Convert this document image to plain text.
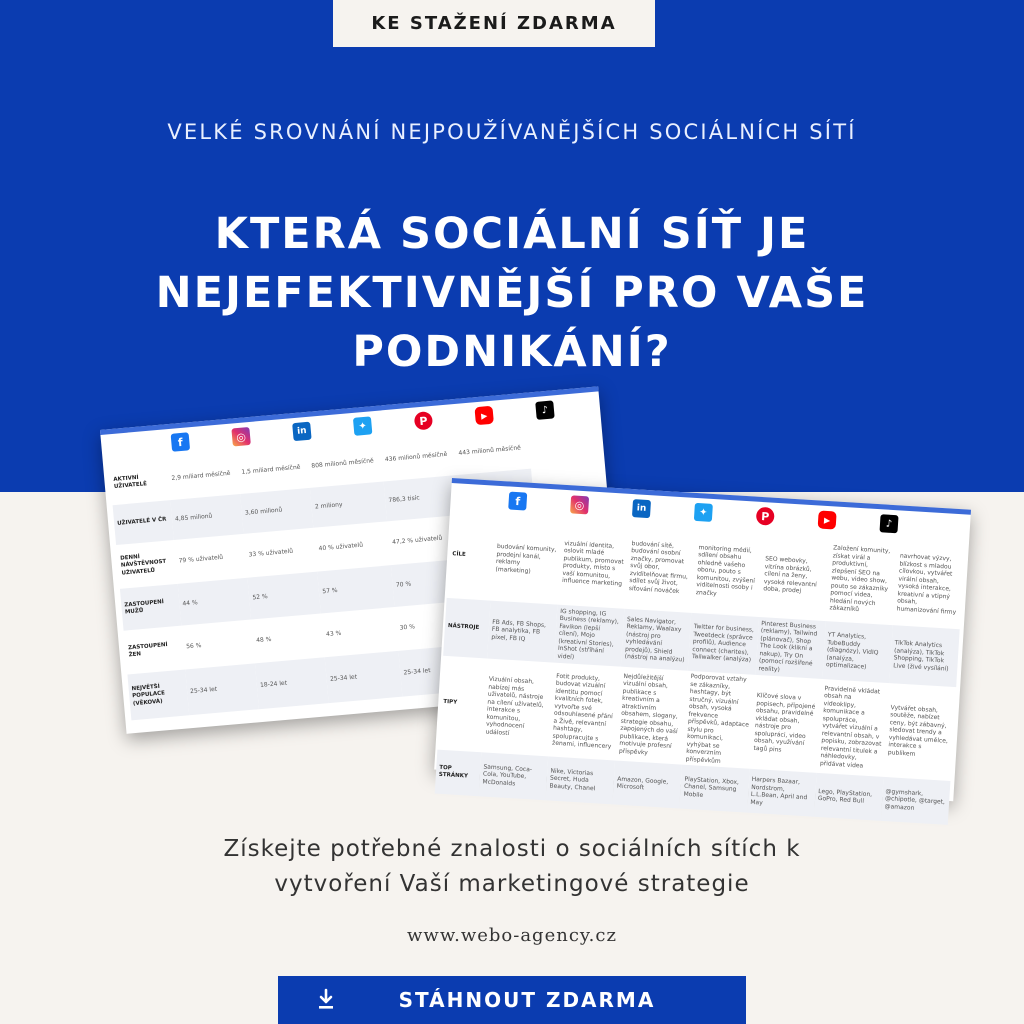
KE STAŽENÍ ZDARMA
VELKÉ SROVNÁNÍ NEJPOUŽÍVANĚJŠÍCH SOCIÁLNÍCH SÍTÍ
KTERÁ SOCIÁLNÍ SÍŤ JE
NEJEFEKTIVNĚJŠÍ PRO VAŠE
PODNIKÁNÍ?
f	◎	in	✦	P	▶	♪
AKTIVNÍ UŽIVATELÉ	2,9 miliard měsíčně	1,5 miliard měsíčně	808 milionů měsíčně	436 milionů měsíčně	443 milionů měsíčně
UŽIVATELÉ V ČR	4,85 milionů	3,60 milionů	2 miliony	786,3 tisíc	
DENNÍ NÁVŠTĚVNOST UŽIVATELŮ	79 % uživatelů	33 % uživatelů	40 % uživatelů	47,2 % uživatelů	
ZASTOUPENÍ MUŽŮ	44 %	52 %	57 %	70 %	
ZASTOUPENÍ ŽEN	56 %	48 %	43 %	30 %	
NEJVĚTŠÍ POPULACE (VĚKOVÁ)	25-34 let	18-24 let	25-34 let	25-34 let	
f	◎	in	✦	P	▶	♪
CÍLE	budování komunity, prodejní kanál, reklamy (marketing)	vizuální identita, oslovit mladé publikum, promovat produkty, místo s vaší komunitou, influence marketing	budování sítě, budování osobní značky, promovat svůj obor, zviditelňovat firmu, sdílet svůj život, síťování nováček	monitoring médií, sdílení obsahu ohledně vašeho oboru, pouto s komunitou, zvýšení viditelnosti osoby i značky	SEO webovky, vitrína obrázků, cílení na ženy, vysoká relevantní doba, prodej	Založení komunity, získat virál a produktivní, zlepšení SEO na webu, video show, pouto se zákazníky pomocí videa, hledání nových zákazníků	navrhovat výzvy, blízkost s mladou cílovkou, vytvářet virální obsah, vysoká interakce, kreativní a vtipný obsah, humanizování firmy
NÁSTROJE	FB Ads, FB Shops, FB analytika, FB pixel, FB IQ	IG shopping, IG Business (reklamy), Favikon (lepší cílení), Mojo (kreativní Stories), InShot (stříhání videí)	Sales Navigator, Reklamy, Waalaxy (nástroj pro vyhledávání prodejů), Shield (nástroj na analýzu)	Twitter for business, Tweetdeck (správce profilů), Audience connect (charites), Tailwalker (analýza)	Pinterest Business (reklamy), Tailwind (plánovač), Shop The Look (klikni a nakup), Try On (pomocí rozšířené reality)	YT Analytics, TubeBuddy (diagnózy), VidIQ (analýza, optimalizace)	TikTok Analytics (analýza), TikTok Shopping, TikTok Live (živé vysílání)
TIPY	Vizuální obsah, nabízej más uživatelů, nástroje na cílení uživatelů, interakce s komunitou, vyhodnocení událostí	Fotit produkty, budovat vizuální identitu pomocí kvalitních fotek, vytvořte své odsouhlasené přání a Živě, relevantní hashtagy, spolupracujte s ženami, influencery	Nejdůležitější vizuální obsah, publikace s kreativním a atraktivním obsahem, slogany, strategie obsahu, zapojených do vaší publikace, která motivuje profesní příspěvky	Podporovat vztahy se zákazníky, hashtagy, být stručný, vizuální obsah, vysoká frekvence příspěvků, adaptace stylu pro komunikaci, vyhýbat se konverzním příspěvkům	Klíčové slova v popisech, přípojené obsahu, pravidelně vkládat obsah, nástroje pro spolupráci, video obsah, využívání tagů pins	Pravidelně vkládat obsah na videoklipy, komunikace a spolupráce, vytvářet vizuální a relevantní obsah, v popisku, zobrazovat relevantní titulek a náhledovky, přidávat videa	Vytvářet obsah, soutěže, nabízet ceny, být zábavný, sledovat trendy a vyhledávat umělce, interakce s publikem
TOP STRÁNKY	Samsung, Coca-Cola, YouTube, McDonalds	Nike, Victorias Secret, Huda Beauty, Chanel	Amazon, Google, Microsoft	PlayStation, Xbox, Chanel, Samsung Mobile	Harpers Bazaar, Nordstrom, L.L.Bean, April and May	Lego, PlayStation, GoPro, Red Bull	@gymshark, @chipotle, @target, @amazon
Získejte potřebné znalosti o sociálních sítích k
vytvoření Vaší marketingové strategie
www.webo-agency.cz
STÁHNOUT ZDARMA
